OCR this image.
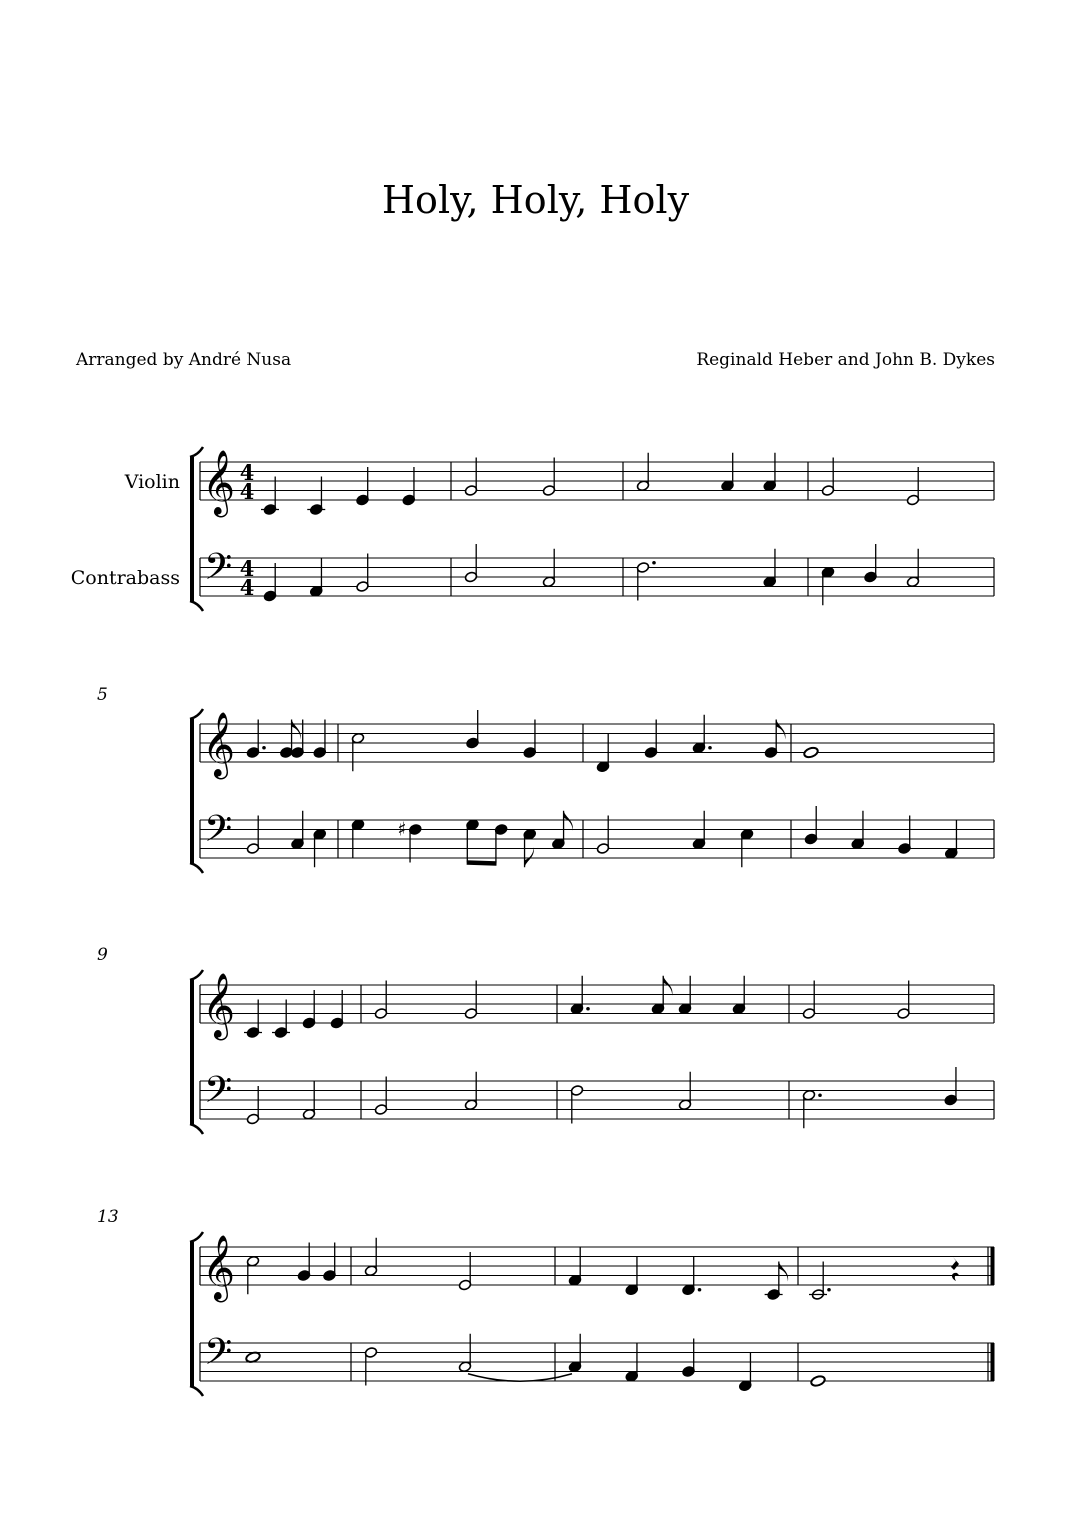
Holy, Holy, Holy
Arranged by André Nusa	Reginald Heber and John B. Dykes
Violin
Contrabass
5
9
13
𝄞
𝄢
4
4
4
4
𝄞
𝄢	♯
𝄞
𝄢
𝄞
𝄢
